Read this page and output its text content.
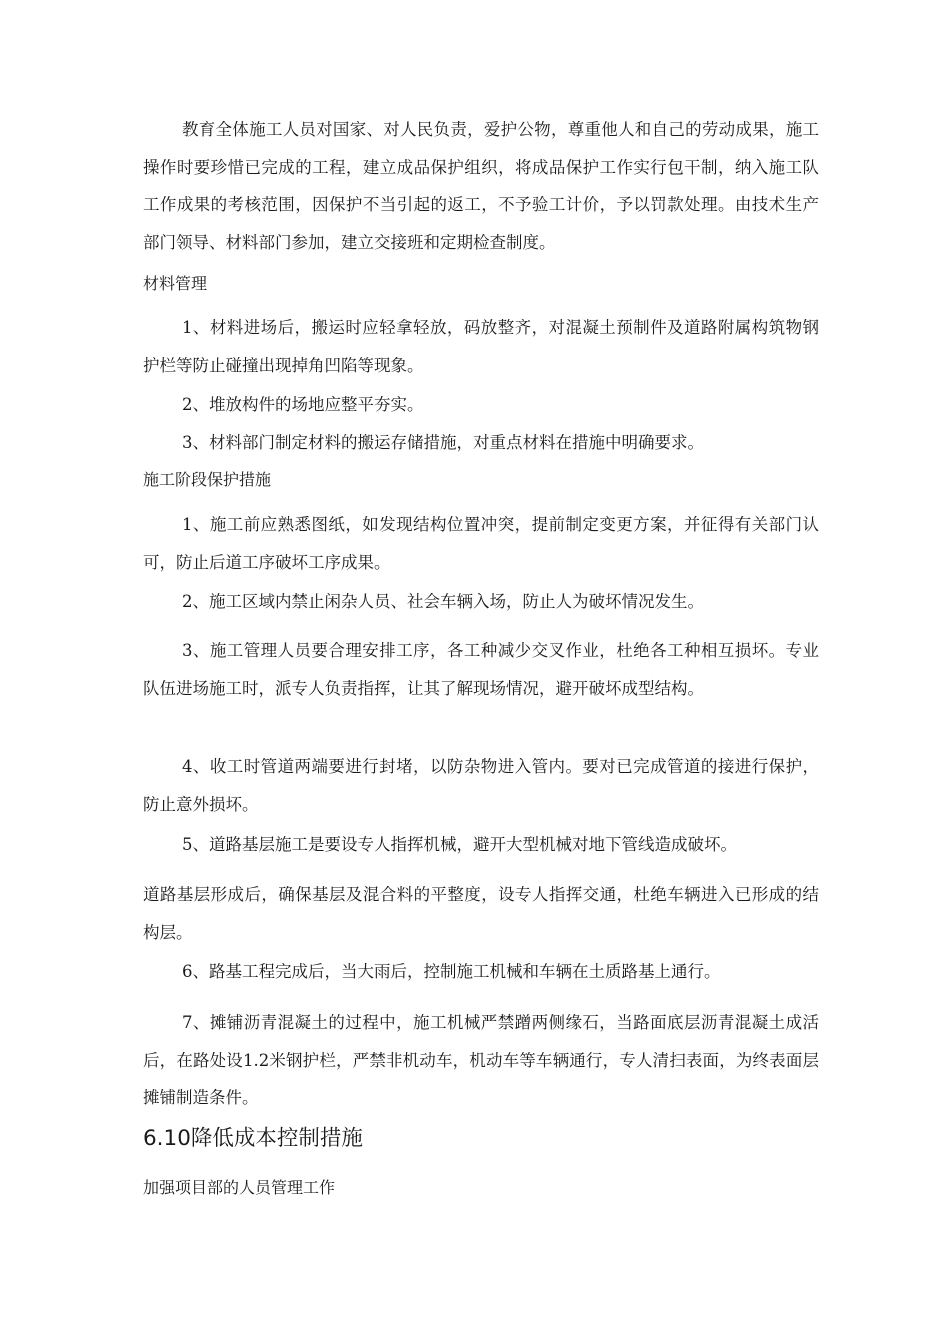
教育全体施工人员对国家、对人民负责，爱护公物，尊重他人和自己的劳动成果，施工操作时要珍惜已完成的工程，建立成品保护组织，将成品保护工作实行包干制，纳入施工队工作成果的考核范围，因保护不当引起的返工，不予验工计价，予以罚款处理。由技术生产部门领导、材料部门参加，建立交接班和定期检查制度。

材料管理

1、材料进场后，搬运时应轻拿轻放，码放整齐，对混凝土预制件及道路附属构筑物钢护栏等防止碰撞出现掉角凹陷等现象。

2、堆放构件的场地应整平夯实。

3、材料部门制定材料的搬运存储措施，对重点材料在措施中明确要求。

施工阶段保护措施

1、施工前应熟悉图纸，如发现结构位置冲突，提前制定变更方案，并征得有关部门认可，防止后道工序破坏工序成果。

2、施工区域内禁止闲杂人员、社会车辆入场，防止人为破坏情况发生。

3、施工管理人员要合理安排工序，各工种减少交叉作业，杜绝各工种相互损坏。专业队伍进场施工时，派专人负责指挥，让其了解现场情况，避开破坏成型结构。

4、收工时管道两端要进行封堵，以防杂物进入管内。要对已完成管道的接进行保护，防止意外损坏。

5、道路基层施工是要设专人指挥机械，避开大型机械对地下管线造成破坏。

道路基层形成后，确保基层及混合料的平整度，设专人指挥交通，杜绝车辆进入已形成的结构层。

6、路基工程完成后，当大雨后，控制施工机械和车辆在土质路基上通行。

7、摊铺沥青混凝土的过程中，施工机械严禁蹭两侧缘石，当路面底层沥青混凝土成活后，在路处设1.2米钢护栏，严禁非机动车，机动车等车辆通行，专人清扫表面，为终表面层摊铺制造条件。

6.10降低成本控制措施

加强项目部的人员管理工作
